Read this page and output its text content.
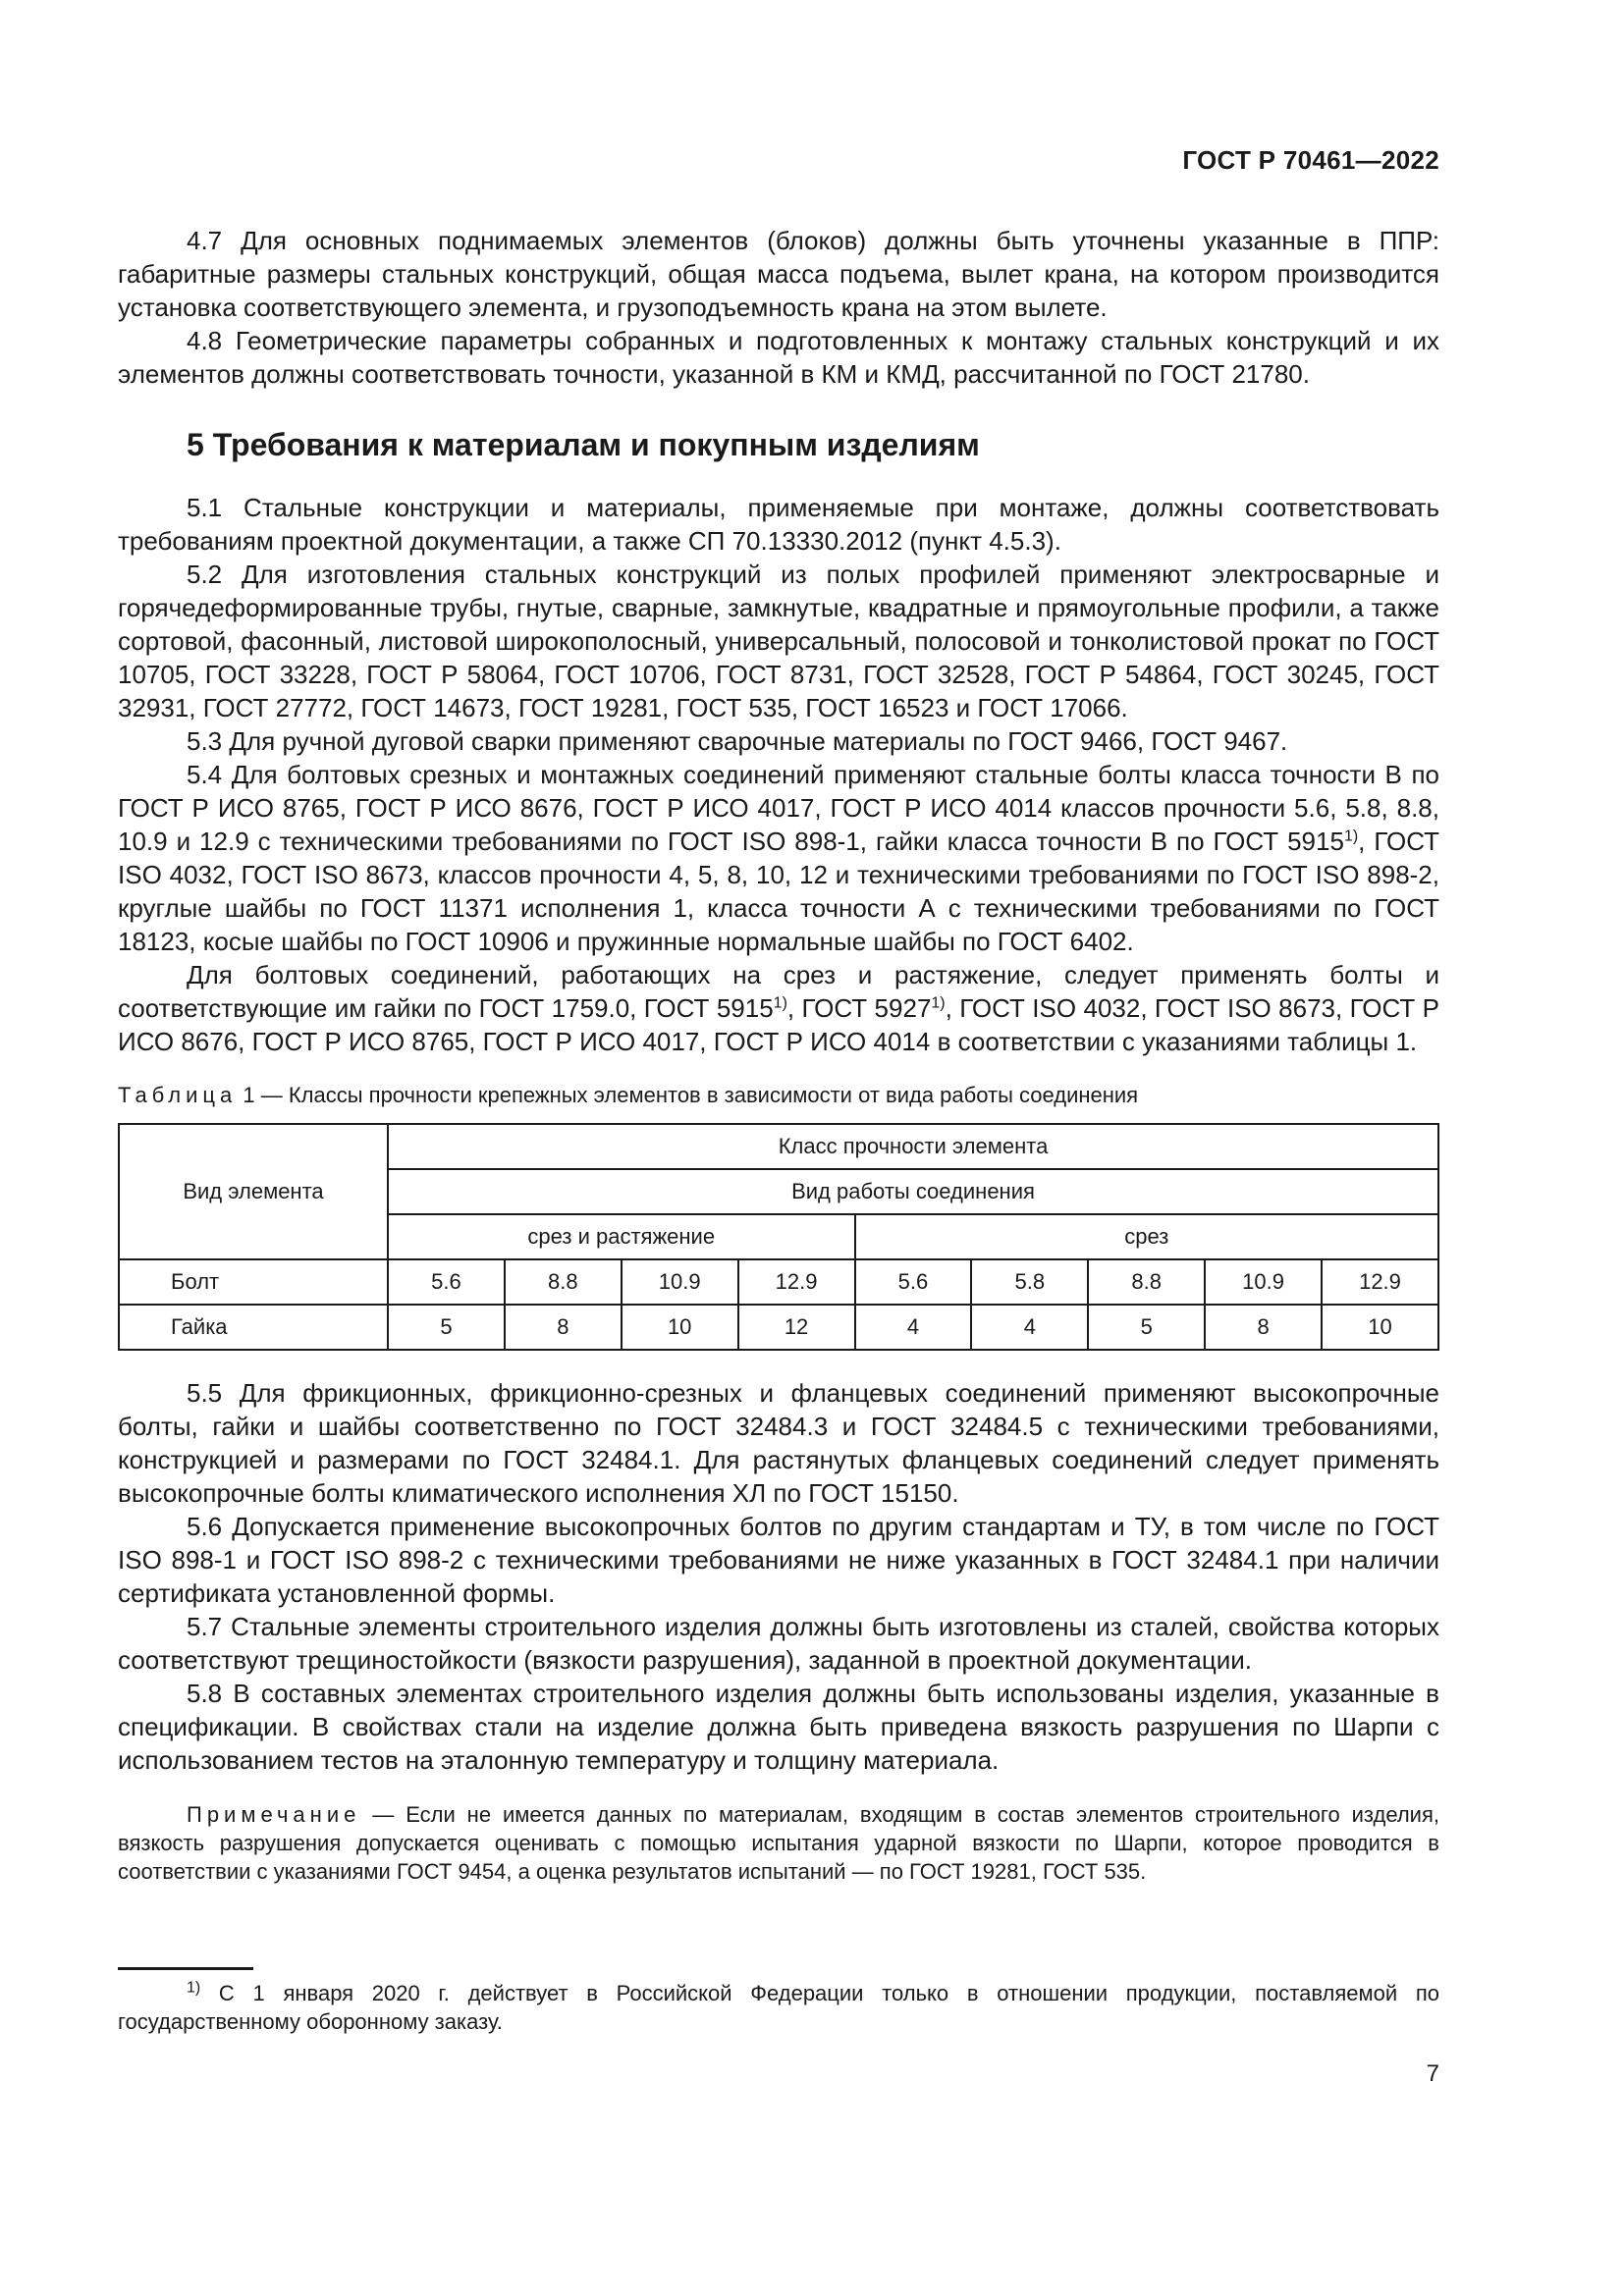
ГОСТ Р 70461—2022

4.7 Для основных поднимаемых элементов (блоков) должны быть уточнены указанные в ППР: габаритные размеры стальных конструкций, общая масса подъема, вылет крана, на котором производится установка соответствующего элемента, и грузоподъемность крана на этом вылете.

4.8 Геометрические параметры собранных и подготовленных к монтажу стальных конструкций и их элементов должны соответствовать точности, указанной в КМ и КМД, рассчитанной по ГОСТ 21780.

5 Требования к материалам и покупным изделиям

5.1 Стальные конструкции и материалы, применяемые при монтаже, должны соответствовать требованиям проектной документации, а также СП 70.13330.2012 (пункт 4.5.3).

5.2 Для изготовления стальных конструкций из полых профилей применяют электросварные и горячедеформированные трубы, гнутые, сварные, замкнутые, квадратные и прямоугольные профили, а также сортовой, фасонный, листовой широкополосный, универсальный, полосовой и тонколистовой прокат по ГОСТ 10705, ГОСТ 33228, ГОСТ Р 58064, ГОСТ 10706, ГОСТ 8731, ГОСТ 32528, ГОСТ Р 54864, ГОСТ 30245, ГОСТ 32931, ГОСТ 27772, ГОСТ 14673, ГОСТ 19281, ГОСТ 535, ГОСТ 16523 и ГОСТ 17066.

5.3 Для ручной дуговой сварки применяют сварочные материалы по ГОСТ 9466, ГОСТ 9467.

5.4 Для болтовых срезных и монтажных соединений применяют стальные болты класса точности В по ГОСТ Р ИСО 8765, ГОСТ Р ИСО 8676, ГОСТ Р ИСО 4017, ГОСТ Р ИСО 4014 классов прочности 5.6, 5.8, 8.8, 10.9 и 12.9 с техническими требованиями по ГОСТ ISO 898-1, гайки класса точности В по ГОСТ 5915$^{1)}$, ГОСТ ISO 4032, ГОСТ ISO 8673, классов прочности 4, 5, 8, 10, 12 и техническими требованиями по ГОСТ ISO 898-2, круглые шайбы по ГОСТ 11371 исполнения 1, класса точности А с техническими требованиями по ГОСТ 18123, косые шайбы по ГОСТ 10906 и пружинные нормальные шайбы по ГОСТ 6402.

Для болтовых соединений, работающих на срез и растяжение, следует применять болты и соответствующие им гайки по ГОСТ 1759.0, ГОСТ 5915$^{1)}$, ГОСТ 5927$^{1)}$, ГОСТ ISO 4032, ГОСТ ISO 8673, ГОСТ Р ИСО 8676, ГОСТ Р ИСО 8765, ГОСТ Р ИСО 4017, ГОСТ Р ИСО 4014 в соответствии с указаниями таблицы 1.

Таблица 1 — Классы прочности крепежных элементов в зависимости от вида работы соединения
Вид элемента	Класс прочности элемента								
	Вид работы соединения								
	срез и растяжение				срез				
Болт	5.6	8.8	10.9	12.9	5.6	5.8	8.8	10.9	12.9
Гайка	5	8	10	12	4	4	5	8	10

5.5 Для фрикционных, фрикционно-срезных и фланцевых соединений применяют высокопрочные болты, гайки и шайбы соответственно по ГОСТ 32484.3 и ГОСТ 32484.5 с техническими требованиями, конструкцией и размерами по ГОСТ 32484.1. Для растянутых фланцевых соединений следует применять высокопрочные болты климатического исполнения ХЛ по ГОСТ 15150.

5.6 Допускается применение высокопрочных болтов по другим стандартам и ТУ, в том числе по ГОСТ ISO 898-1 и ГОСТ ISO 898-2 с техническими требованиями не ниже указанных в ГОСТ 32484.1 при наличии сертификата установленной формы.

5.7 Стальные элементы строительного изделия должны быть изготовлены из сталей, свойства которых соответствуют трещиностойкости (вязкости разрушения), заданной в проектной документации.

5.8 В составных элементах строительного изделия должны быть использованы изделия, указанные в спецификации. В свойствах стали на изделие должна быть приведена вязкость разрушения по Шарпи с использованием тестов на эталонную температуру и толщину материала.

Примечание — Если не имеется данных по материалам, входящим в состав элементов строительного изделия, вязкость разрушения допускается оценивать с помощью испытания ударной вязкости по Шарпи, которое проводится в соответствии с указаниями ГОСТ 9454, а оценка результатов испытаний — по ГОСТ 19281, ГОСТ 535.

$^{1)}$ С 1 января 2020 г. действует в Российской Федерации только в отношении продукции, поставляемой по государственному оборонному заказу.
7
